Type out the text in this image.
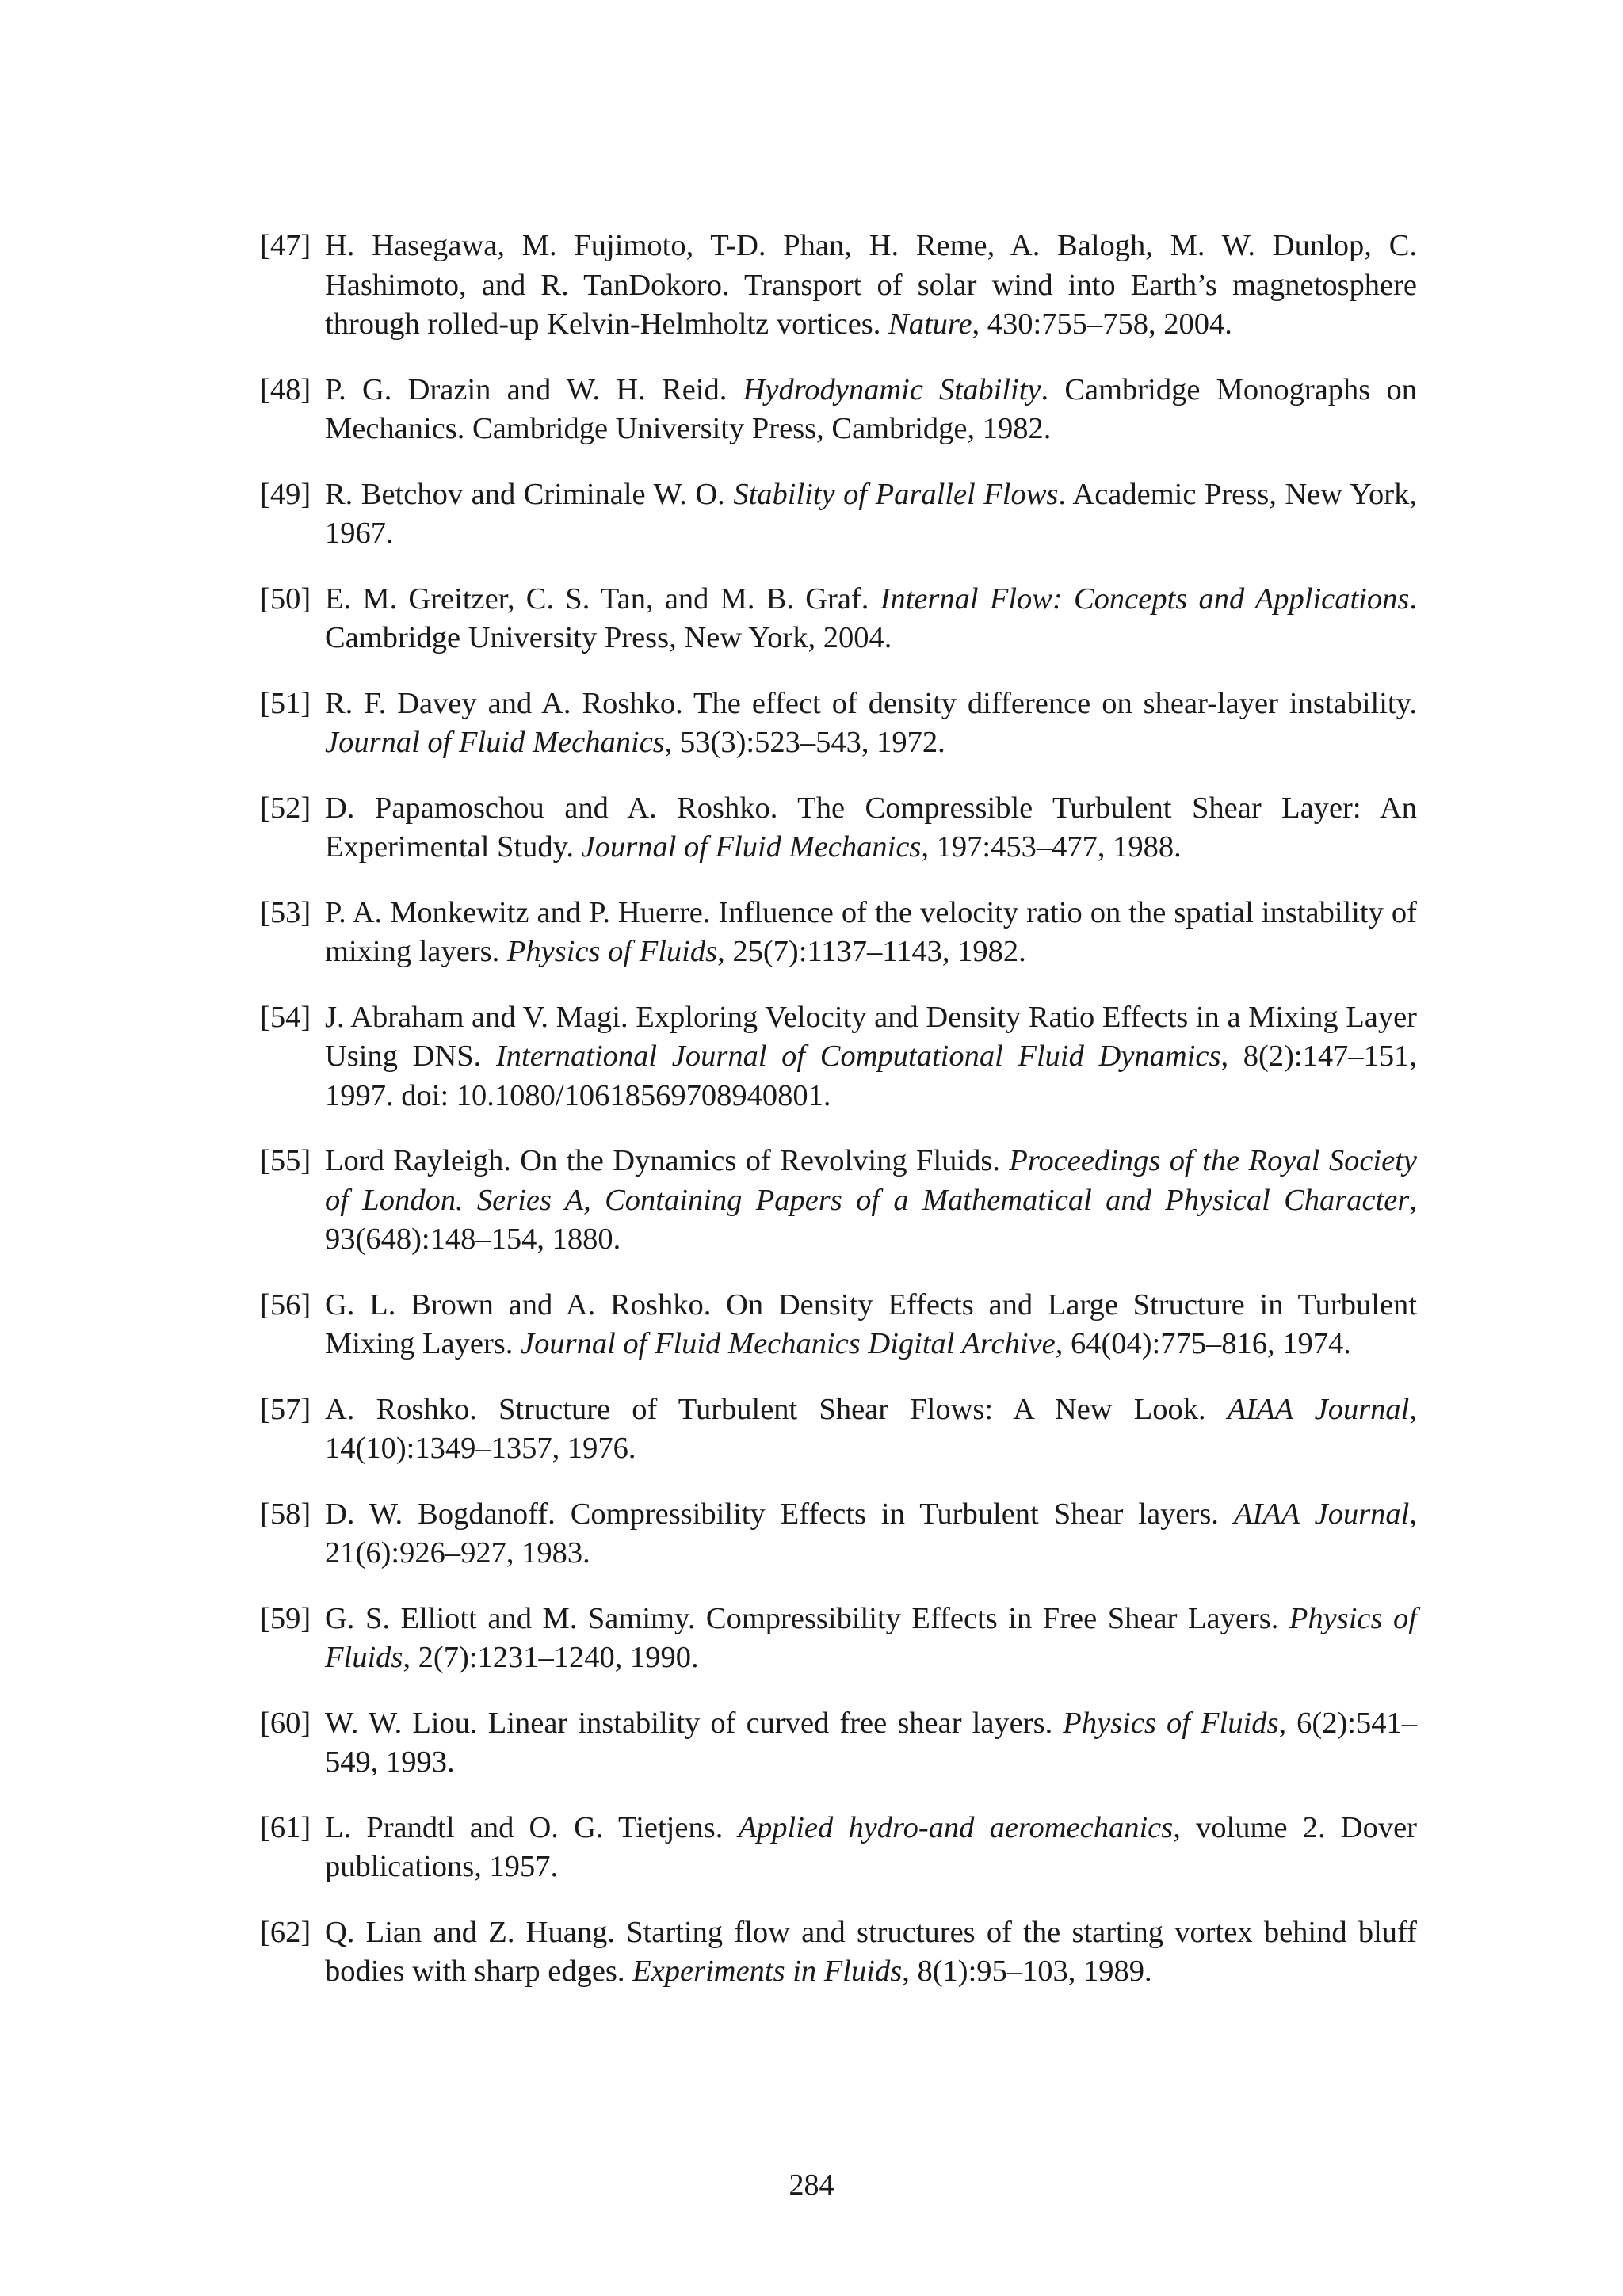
[47] H. Hasegawa, M. Fujimoto, T-D. Phan, H. Reme, A. Balogh, M. W. Dunlop, C. Hashimoto, and R. TanDokoro. Transport of solar wind into Earth’s magnetosphere through rolled-up Kelvin-Helmholtz vortices. Nature, 430:755–758, 2004.
[48] P. G. Drazin and W. H. Reid. Hydrodynamic Stability. Cambridge Monographs on Mechanics. Cambridge University Press, Cambridge, 1982.
[49] R. Betchov and Criminale W. O. Stability of Parallel Flows. Academic Press, New York, 1967.
[50] E. M. Greitzer, C. S. Tan, and M. B. Graf. Internal Flow: Concepts and Applications. Cambridge University Press, New York, 2004.
[51] R. F. Davey and A. Roshko. The effect of density difference on shear-layer instability. Journal of Fluid Mechanics, 53(3):523–543, 1972.
[52] D. Papamoschou and A. Roshko. The Compressible Turbulent Shear Layer: An Experimental Study. Journal of Fluid Mechanics, 197:453–477, 1988.
[53] P. A. Monkewitz and P. Huerre. Influence of the velocity ratio on the spatial instability of mixing layers. Physics of Fluids, 25(7):1137–1143, 1982.
[54] J. Abraham and V. Magi. Exploring Velocity and Density Ratio Effects in a Mixing Layer Using DNS. International Journal of Computational Fluid Dynamics, 8(2):147–151, 1997. doi: 10.1080/10618569708940801.
[55] Lord Rayleigh. On the Dynamics of Revolving Fluids. Proceedings of the Royal Society of London. Series A, Containing Papers of a Mathematical and Physical Character, 93(648):148–154, 1880.
[56] G. L. Brown and A. Roshko. On Density Effects and Large Structure in Turbulent Mixing Layers. Journal of Fluid Mechanics Digital Archive, 64(04):775–816, 1974.
[57] A. Roshko. Structure of Turbulent Shear Flows: A New Look. AIAA Journal, 14(10):1349–1357, 1976.
[58] D. W. Bogdanoff. Compressibility Effects in Turbulent Shear layers. AIAA Journal, 21(6):926–927, 1983.
[59] G. S. Elliott and M. Samimy. Compressibility Effects in Free Shear Layers. Physics of Fluids, 2(7):1231–1240, 1990.
[60] W. W. Liou. Linear instability of curved free shear layers. Physics of Fluids, 6(2):541–549, 1993.
[61] L. Prandtl and O. G. Tietjens. Applied hydro-and aeromechanics, volume 2. Dover publications, 1957.
[62] Q. Lian and Z. Huang. Starting flow and structures of the starting vortex behind bluff bodies with sharp edges. Experiments in Fluids, 8(1):95–103, 1989.
284
